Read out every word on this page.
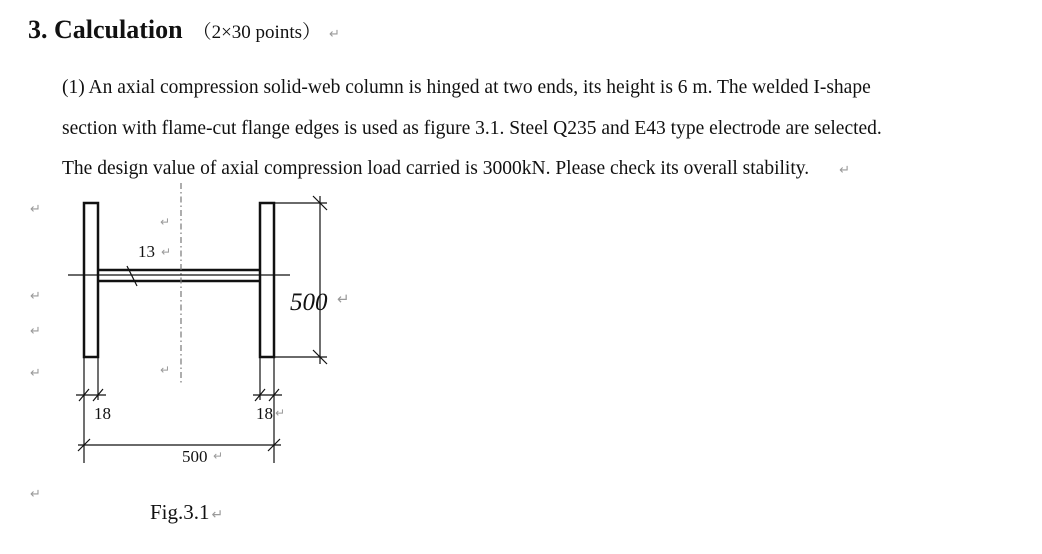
3. Calculation （2×30 points） ↵
(1) An axial compression solid-web column is hinged at two ends, its height is 6 m. The welded I-shape
section with flame-cut flange edges is used as figure 3.1. Steel Q235 and E43 type electrode are selected.
The design value of axial compression load carried is 3000kN. Please check its overall stability. ↵
↵
↵
↵
↵
↵
13
500
18	18
500
↵
↵
↵
↵
↵
↵
Fig.3.1 ↵
